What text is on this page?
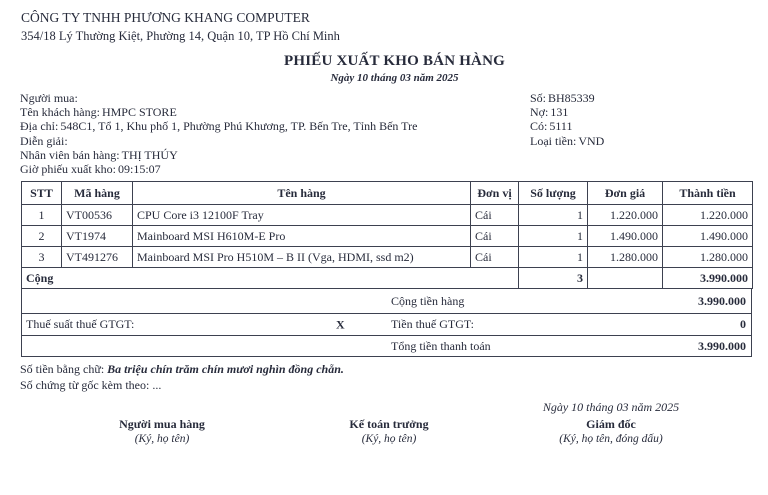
CÔNG TY TNHH PHƯƠNG KHANG COMPUTER
354/18 Lý Thường Kiệt, Phường 14, Quận 10, TP Hồ Chí Minh
PHIẾU XUẤT KHO BÁN HÀNG
Ngày 10 tháng 03 năm 2025
Người mua:
Tên khách hàng: HMPC STORE
Địa chỉ: 548C1, Tổ 1, Khu phố 1, Phường Phú Khương, TP. Bến Tre, Tỉnh Bến Tre
Diễn giải:
Nhân viên bán hàng: THỊ THÚY
Giờ phiếu xuất kho: 09:15:07
Số: BH85339
Nợ: 131
Có: 5111
Loại tiền: VND
STT	Mã hàng	Tên hàng	Đơn vị	Số lượng	Đơn giá	Thành tiền
1	VT00536	CPU Core i3 12100F Tray	Cái	1	1.220.000	1.220.000
2	VT1974	Mainboard MSI H610M-E Pro	Cái	1	1.490.000	1.490.000
3	VT491276	Mainboard MSI Pro H510M – B II (Vga, HDMI, ssd m2)	Cái	1	1.280.000	1.280.000
Cộng				3		3.990.000
Cộng tiền hàng	3.990.000
Thuế suất thuế GTGT:	X	Tiền thuế GTGT:	0
Tổng tiền thanh toán	3.990.000
Số tiền bằng chữ: Ba triệu chín trăm chín mươi nghìn đồng chẵn.
Số chứng từ gốc kèm theo: ...
Ngày 10 tháng 03 năm 2025
Người mua hàng	Kế toán trưởng	Giám đốc
(Ký, họ tên)	(Ký, họ tên)	(Ký, họ tên, đóng dấu)
